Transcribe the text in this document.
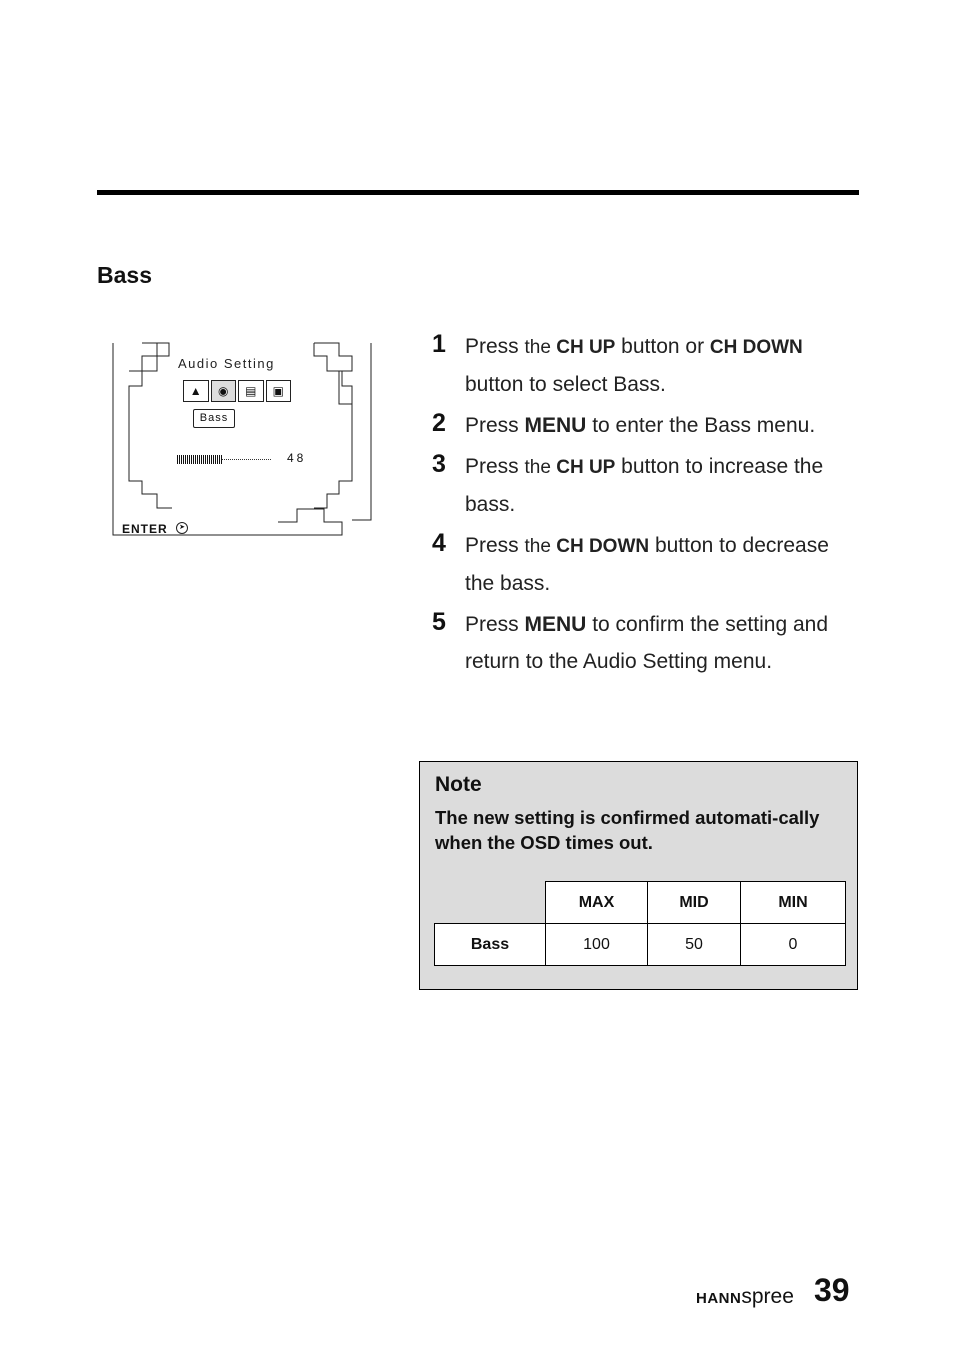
Bass
Audio Setting
▲	◉	▤	▣
Bass
48
ENTER	➤
1 Press the CH UP button or CH DOWN button to select Bass.
2 Press MENU to enter the Bass menu.
3 Press the CH UP button to increase the bass.
4 Press the CH DOWN button to decrease the bass.
5 Press MENU to confirm the setting and return to the Audio Setting menu.
Note
The new setting is confirmed automati-cally when the OSD times out.
	MAX	MID	MIN
Bass	100	50	0
HANNspree 39
